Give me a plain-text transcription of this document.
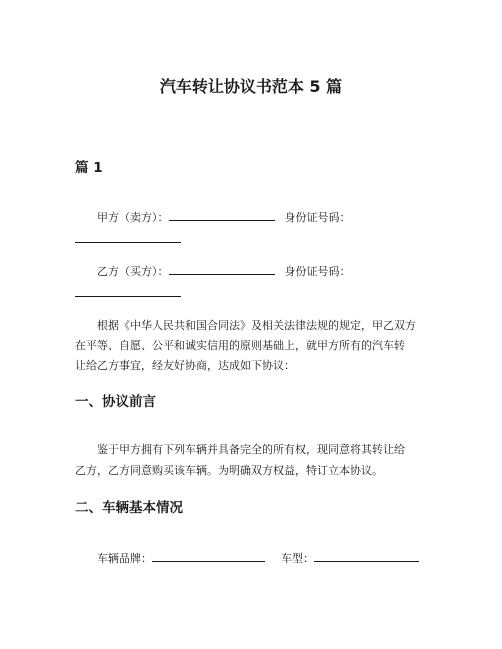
汽车转让协议书范本 5 篇
篇 1
甲方（卖方）：	身份证号码：
乙方（买方）：	身份证号码：
根据《中华人民共和国合同法》及相关法律法规的规定，甲乙双方
在平等、自愿、公平和诚实信用的原则基础上，就甲方所有的汽车转
让给乙方事宜，经友好协商，达成如下协议：
一、协议前言
鉴于甲方拥有下列车辆并具备完全的所有权，现同意将其转让给
乙方，乙方同意购买该车辆。为明确双方权益，特订立本协议。
二、车辆基本情况
车辆品牌：	车型：
